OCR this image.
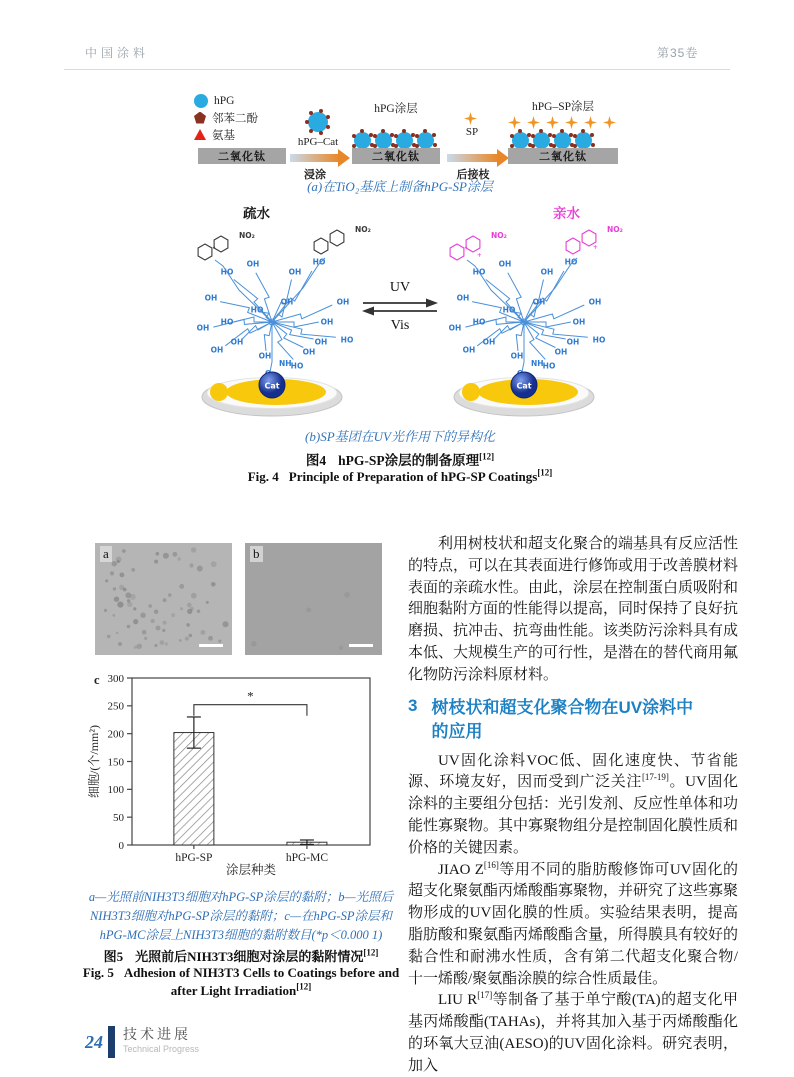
中国涂料	第35卷
hPG
邻苯二酚
氨基
二氧化钛
hPG–Cat
浸涂
hPG涂层
二氧化钛
SP
后接枝
hPG–SP涂层
二氧化钛
(a)在TiO₂基底上制备hPG-SP涂层
疏水	亲水
HO
OH
OH
HO
OH
OH
HO
OH
OH
HO
OH
OH
HO
OH
OH
HO
OH	OH
NO₂
NO₂
NH
Cat
HO
OH
OH
HO
OH
OH
HO
OH
OH
HO
OH
OH
HO
OH
OH
HO
OH	OH
NO₂
NO₂
+
+
NH
Cat
UV
Vis
(b)SP基团在UV光作用下的异构化
图4 hPG-SP涂层的制备原理[12]
Fig. 4 Principle of Preparation of hPG-SP Coatings[12]
a	b
0
50
100
150
200
250
300
hPG-SP	hPG-MC
*
细胞/(个/mm²)
涂层种类
c
a—光照前NIH3T3细胞对hPG-SP涂层的黏附；b—光照后NIH3T3细胞对hPG-SP涂层的黏附；c—在hPG-SP涂层和hPG-MC涂层上NIH3T3细胞的黏附数目(*p＜0.000 1)
图5 光照前后NIH3T3细胞对涂层的黏附情况[12]
Fig. 5 Adhesion of NIH3T3 Cells to Coatings before and after Light Irradiation[12]

利用树枝状和超支化聚合的端基具有反应活性的特点，可以在其表面进行修饰或用于改善膜材料表面的亲疏水性。由此，涂层在控制蛋白质吸附和细胞黏附方面的性能得以提高，同时保持了良好抗磨损、抗冲击、抗弯曲性能。该类防污涂料具有成本低、大规模生产的可行性，是潜在的替代商用氟化物防污涂料原材料。

3 树枝状和超支化聚合物在UV涂料中的应用

UV固化涂料VOC低、固化速度快、节省能源、环境友好，因而受到广泛关注[17-19]。UV固化涂料的主要组分包括：光引发剂、反应性单体和功能性寡聚物。其中寡聚物组分是控制固化膜性质和价格的关键因素。

JIAO Z[16]等用不同的脂肪酸修饰可UV固化的超支化聚氨酯丙烯酸酯寡聚物，并研究了这些寡聚物形成的UV固化膜的性质。实验结果表明，提高脂肪酸和聚氨酯丙烯酸酯含量，所得膜具有较好的黏合性和耐沸水性质，含有第二代超支化聚合物/十一烯酸/聚氨酯涂膜的综合性质最佳。

LIU R[17]等制备了基于单宁酸(TA)的超支化甲基丙烯酸酯(TAHAs)，并将其加入基于丙烯酸酯化的环氧大豆油(AESO)的UV固化涂料。研究表明，加入

24	技术进展
Technical Progress
